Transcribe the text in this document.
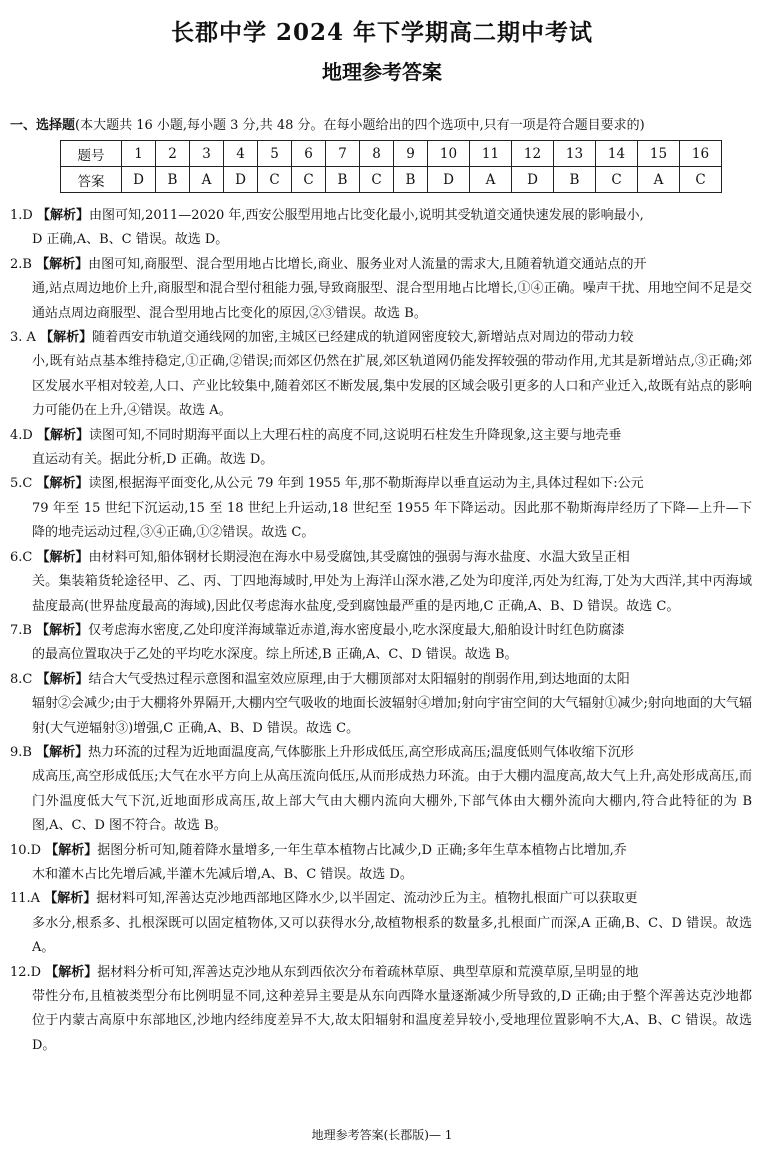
长郡中学 2024 年下学期高二期中考试
地理参考答案
一、选择题(本大题共 16 小题,每小题 3 分,共 48 分。在每小题给出的四个选项中,只有一项是符合题目要求的)
题号	1	2	3	4	5	6	7	8	9	10	11	12	13	14	15	16
答案	D	B	A	D	C	C	B	C	B	D	A	D	B	C	A	C
1.D 【解析】由图可知,2011—2020 年,西安公服型用地占比变化最小,说明其受轨道交通快速发展的影响最小,
D 正确,A、B、C 错误。故选 D。
2.B 【解析】由图可知,商服型、混合型用地占比增长,商业、服务业对人流量的需求大,且随着轨道交通站点的开
通,站点周边地价上升,商服型和混合型付租能力强,导致商服型、混合型用地占比增长,①④正确。噪声干扰、用地空间不足是交通站点周边商服型、混合型用地占比变化的原因,②③错误。故选 B。
3. A 【解析】随着西安市轨道交通线网的加密,主城区已经建成的轨道网密度较大,新增站点对周边的带动力较
小,既有站点基本维持稳定,①正确,②错误;而郊区仍然在扩展,郊区轨道网仍能发挥较强的带动作用,尤其是新增站点,③正确;郊区发展水平相对较差,人口、产业比较集中,随着郊区不断发展,集中发展的区域会吸引更多的人口和产业迁入,故既有站点的影响力可能仍在上升,④错误。故选 A。
4.D 【解析】读图可知,不同时期海平面以上大理石柱的高度不同,这说明石柱发生升降现象,这主要与地壳垂
直运动有关。据此分析,D 正确。故选 D。
5.C 【解析】读图,根据海平面变化,从公元 79 年到 1955 年,那不勒斯海岸以垂直运动为主,具体过程如下:公元
79 年至 15 世纪下沉运动,15 至 18 世纪上升运动,18 世纪至 1955 年下降运动。因此那不勒斯海岸经历了下降—上升—下降的地壳运动过程,③④正确,①②错误。故选 C。
6.C 【解析】由材料可知,船体钢材长期浸泡在海水中易受腐蚀,其受腐蚀的强弱与海水盐度、水温大致呈正相
关。集装箱货轮途径甲、乙、丙、丁四地海域时,甲处为上海洋山深水港,乙处为印度洋,丙处为红海,丁处为大西洋,其中丙海域盐度最高(世界盐度最高的海域),因此仅考虑海水盐度,受到腐蚀最严重的是丙地,C 正确,A、B、D 错误。故选 C。
7.B 【解析】仅考虑海水密度,乙处印度洋海域靠近赤道,海水密度最小,吃水深度最大,船舶设计时红色防腐漆
的最高位置取决于乙处的平均吃水深度。综上所述,B 正确,A、C、D 错误。故选 B。
8.C 【解析】结合大气受热过程示意图和温室效应原理,由于大棚顶部对太阳辐射的削弱作用,到达地面的太阳
辐射②会减少;由于大棚将外界隔开,大棚内空气吸收的地面长波辐射④增加;射向宇宙空间的大气辐射①减少;射向地面的大气辐射(大气逆辐射③)增强,C 正确,A、B、D 错误。故选 C。
9.B 【解析】热力环流的过程为近地面温度高,气体膨胀上升形成低压,高空形成高压;温度低则气体收缩下沉形
成高压,高空形成低压;大气在水平方向上从高压流向低压,从而形成热力环流。由于大棚内温度高,故大气上升,高处形成高压,而门外温度低大气下沉,近地面形成高压,故上部大气由大棚内流向大棚外,下部气体由大棚外流向大棚内,符合此特征的为 B 图,A、C、D 图不符合。故选 B。
10.D 【解析】据图分析可知,随着降水量增多,一年生草本植物占比减少,D 正确;多年生草本植物占比增加,乔
木和灌木占比先增后减,半灌木先减后增,A、B、C 错误。故选 D。
11.A 【解析】据材料可知,浑善达克沙地西部地区降水少,以半固定、流动沙丘为主。植物扎根面广可以获取更
多水分,根系多、扎根深既可以固定植物体,又可以获得水分,故植物根系的数量多,扎根面广而深,A 正确,B、C、D 错误。故选 A。
12.D 【解析】据材料分析可知,浑善达克沙地从东到西依次分布着疏林草原、典型草原和荒漠草原,呈明显的地
带性分布,且植被类型分布比例明显不同,这种差异主要是从东向西降水量逐渐减少所导致的,D 正确;由于整个浑善达克沙地都位于内蒙古高原中东部地区,沙地内经纬度差异不大,故太阳辐射和温度差异较小,受地理位置影响不大,A、B、C 错误。故选 D。
地理参考答案(长郡版)— 1
